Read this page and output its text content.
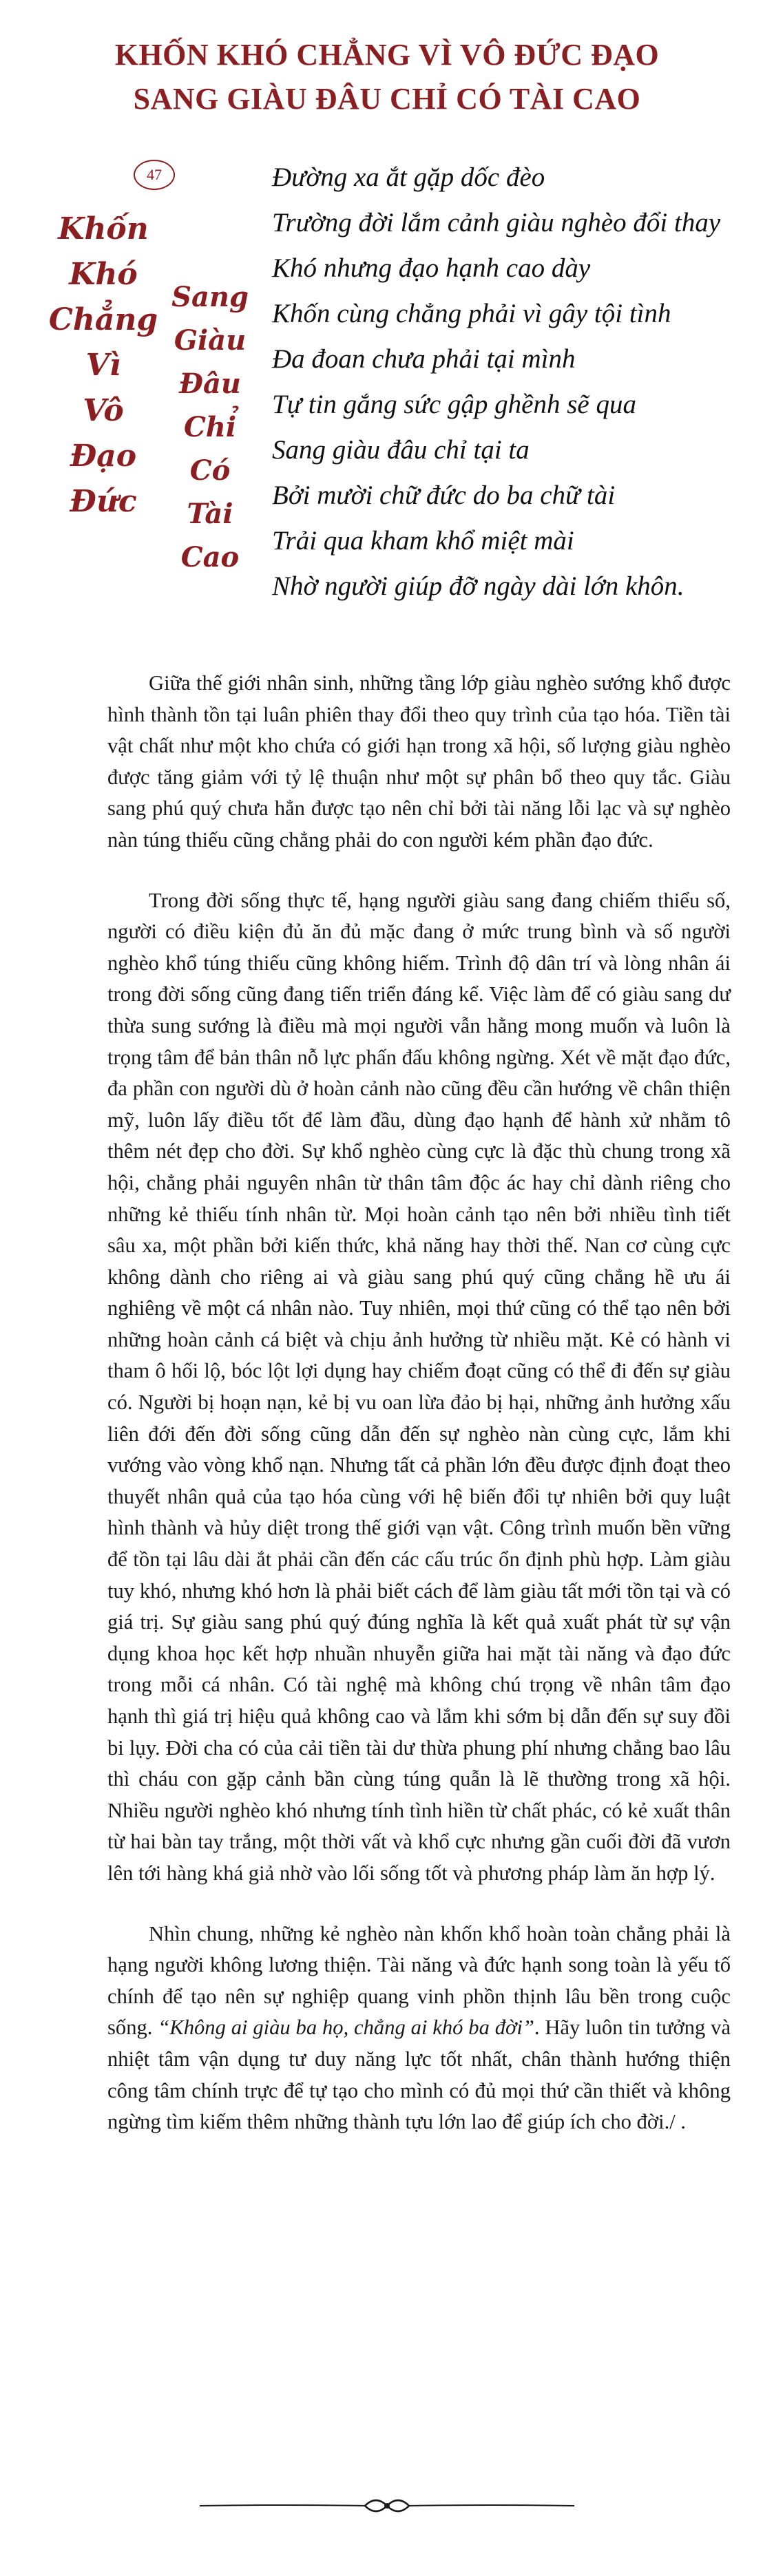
KHỐN KHÓ CHẲNG VÌ VÔ ĐỨC ĐẠO
SANG GIÀU ĐÂU CHỈ CÓ TÀI CAO
47
Khốn
Khó
Chẳng
Vì
Vô
Đạo
Đức
Sang
Giàu
Đâu
Chỉ
Có
Tài
Cao
Đường xa ắt gặp dốc đèo
Trường đời lắm cảnh giàu nghèo đổi thay
Khó nhưng đạo hạnh cao dày
Khốn cùng chẳng phải vì gây tội tình
Đa đoan chưa phải tại mình
Tự tin gắng sức gập ghềnh sẽ qua
Sang giàu đâu chỉ tại ta
Bởi mười chữ đức do ba chữ tài
Trải qua kham khổ miệt mài
Nhờ người giúp đỡ ngày dài lớn khôn.

Giữa thế giới nhân sinh, những tầng lớp giàu nghèo sướng khổ được hình thành tồn tại luân phiên thay đổi theo quy trình của tạo hóa. Tiền tài vật chất như một kho chứa có giới hạn trong xã hội, số lượng giàu nghèo được tăng giảm với tỷ lệ thuận như một sự phân bổ theo quy tắc. Giàu sang phú quý chưa hẳn được tạo nên chỉ bởi tài năng lỗi lạc và sự nghèo nàn túng thiếu cũng chẳng phải do con người kém phần đạo đức.

Trong đời sống thực tế, hạng người giàu sang đang chiếm thiểu số, người có điều kiện đủ ăn đủ mặc đang ở mức trung bình và số người nghèo khổ túng thiếu cũng không hiếm. Trình độ dân trí và lòng nhân ái trong đời sống cũng đang tiến triển đáng kể. Việc làm để có giàu sang dư thừa sung sướng là điều mà mọi người vẫn hằng mong muốn và luôn là trọng tâm để bản thân nỗ lực phấn đấu không ngừng. Xét về mặt đạo đức, đa phần con người dù ở hoàn cảnh nào cũng đều cần hướng về chân thiện mỹ, luôn lấy điều tốt để làm đầu, dùng đạo hạnh để hành xử nhằm tô thêm nét đẹp cho đời. Sự khổ nghèo cùng cực là đặc thù chung trong xã hội, chẳng phải nguyên nhân từ thân tâm độc ác hay chỉ dành riêng cho những kẻ thiếu tính nhân từ. Mọi hoàn cảnh tạo nên bởi nhiều tình tiết sâu xa, một phần bởi kiến thức, khả năng hay thời thế. Nan cơ cùng cực không dành cho riêng ai và giàu sang phú quý cũng chẳng hề ưu ái nghiêng về một cá nhân nào. Tuy nhiên, mọi thứ cũng có thể tạo nên bởi những hoàn cảnh cá biệt và chịu ảnh hưởng từ nhiều mặt. Kẻ có hành vi tham ô hối lộ, bóc lột lợi dụng hay chiếm đoạt cũng có thể đi đến sự giàu có. Người bị hoạn nạn, kẻ bị vu oan lừa đảo bị hại, những ảnh hưởng xấu liên đới đến đời sống cũng dẫn đến sự nghèo nàn cùng cực, lắm khi vướng vào vòng khổ nạn. Nhưng tất cả phần lớn đều được định đoạt theo thuyết nhân quả của tạo hóa cùng với hệ biến đổi tự nhiên bởi quy luật hình thành và hủy diệt trong thế giới vạn vật. Công trình muốn bền vững để tồn tại lâu dài ắt phải cần đến các cấu trúc ổn định phù hợp. Làm giàu tuy khó, nhưng khó hơn là phải biết cách để làm giàu tất mới tồn tại và có giá trị. Sự giàu sang phú quý đúng nghĩa là kết quả xuất phát từ sự vận dụng khoa học kết hợp nhuần nhuyễn giữa hai mặt tài năng và đạo đức trong mỗi cá nhân. Có tài nghệ mà không chú trọng về nhân tâm đạo hạnh thì giá trị hiệu quả không cao và lắm khi sớm bị dẫn đến sự suy đồi bi lụy. Đời cha có của cải tiền tài dư thừa phung phí nhưng chẳng bao lâu thì cháu con gặp cảnh bần cùng túng quẫn là lẽ thường trong xã hội. Nhiều người nghèo khó nhưng tính tình hiền từ chất phác, có kẻ xuất thân từ hai bàn tay trắng, một thời vất và khổ cực nhưng gần cuối đời đã vươn lên tới hàng khá giả nhờ vào lối sống tốt và phương pháp làm ăn hợp lý.

Nhìn chung, những kẻ nghèo nàn khốn khổ hoàn toàn chẳng phải là hạng người không lương thiện. Tài năng và đức hạnh song toàn là yếu tố chính để tạo nên sự nghiệp quang vinh phồn thịnh lâu bền trong cuộc sống. “Không ai giàu ba họ, chẳng ai khó ba đời”. Hãy luôn tin tưởng và nhiệt tâm vận dụng tư duy năng lực tốt nhất, chân thành hướng thiện công tâm chính trực để tự tạo cho mình có đủ mọi thứ cần thiết và không ngừng tìm kiếm thêm những thành tựu lớn lao để giúp ích cho đời./ .
